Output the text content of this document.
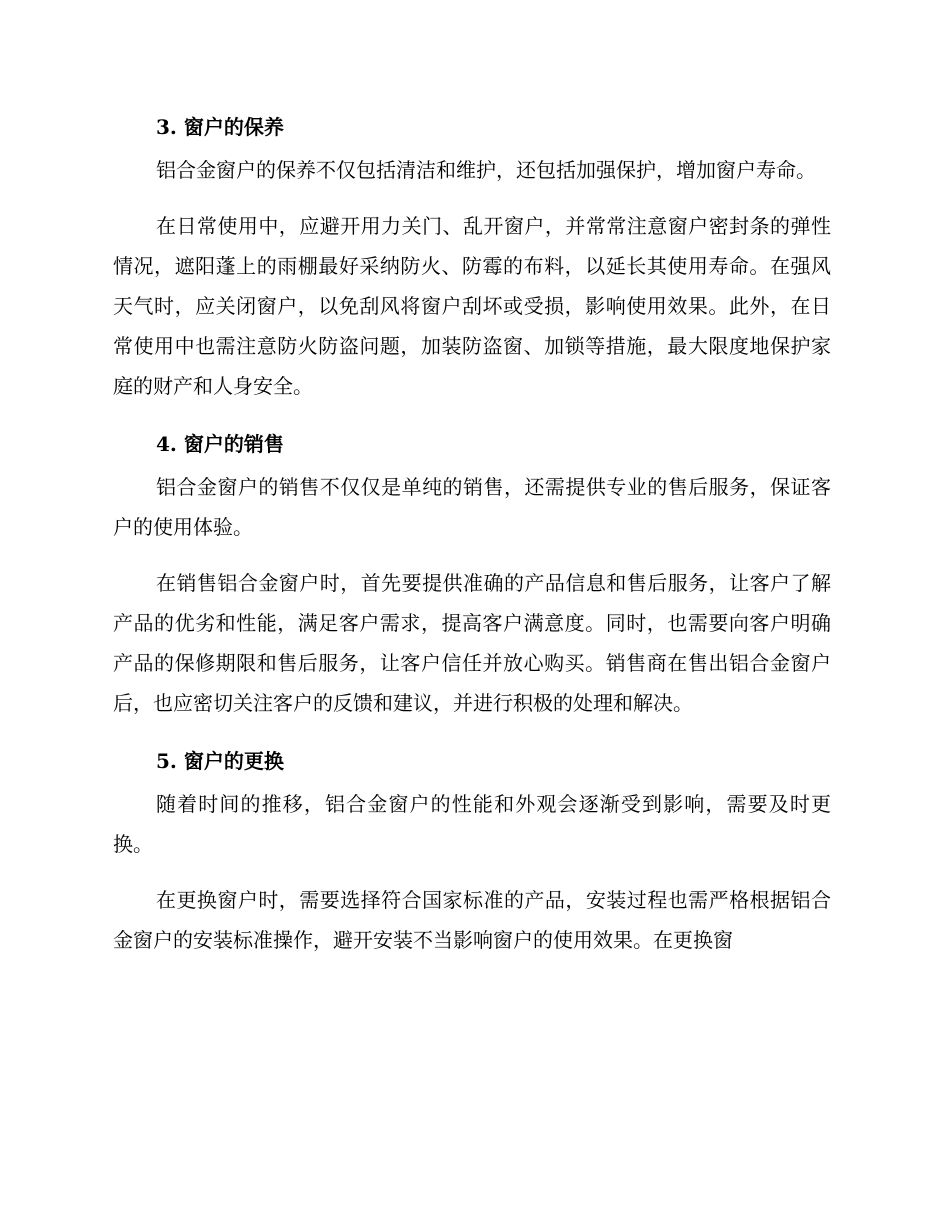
3. 窗户的保养

铝合金窗户的保养不仅包括清洁和维护，还包括加强保护，增加窗户寿命。

在日常使用中，应避开用力关门、乱开窗户，并常常注意窗户密封条的弹性情况，遮阳蓬上的雨棚最好采纳防火、防霉的布料，以延长其使用寿命。在强风天气时，应关闭窗户，以免刮风将窗户刮坏或受损，影响使用效果。此外，在日常使用中也需注意防火防盗问题，加装防盗窗、加锁等措施，最大限度地保护家庭的财产和人身安全。

4. 窗户的销售

铝合金窗户的销售不仅仅是单纯的销售，还需提供专业的售后服务，保证客户的使用体验。

在销售铝合金窗户时，首先要提供准确的产品信息和售后服务，让客户了解产品的优劣和性能，满足客户需求，提高客户满意度。同时，也需要向客户明确产品的保修期限和售后服务，让客户信任并放心购买。销售商在售出铝合金窗户后，也应密切关注客户的反馈和建议，并进行积极的处理和解决。

5. 窗户的更换

随着时间的推移，铝合金窗户的性能和外观会逐渐受到影响，需要及时更换。

在更换窗户时，需要选择符合国家标准的产品，安装过程也需严格根据铝合金窗户的安装标准操作，避开安装不当影响窗户的使用效果。在更换窗
